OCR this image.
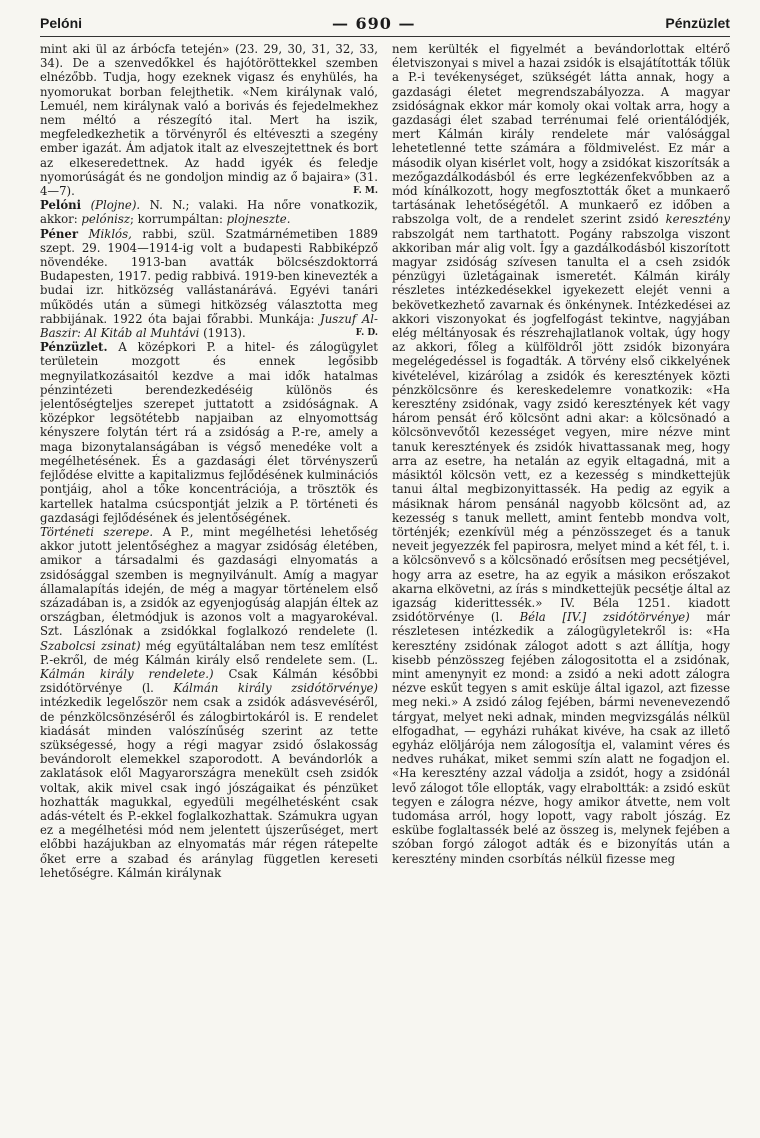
Pelóni	— 690 —	Pénzüzlet

mint aki ül az árbócfa tetején» (23. 29, 30, 31, 32, 33, 34). De a szenvedőkkel és hajótöröttekkel szemben elnézőbb. Tudja, hogy ezeknek vigasz és enyhülés, ha nyomorukat borban felejthetik. «Nem királynak való, Lemuél, nem királynak való a borivás és fejedelmekhez nem méltó a részegító ital. Mert ha iszik, megfeledkezhetik a törvényről és eltéveszti a szegény ember igazát. Ám adjatok italt az elveszejtettnek és bort az elkeseredettnek. Az hadd igyék és feledje nyomorúságát és ne gondoljon mindig az ő bajaira» (31. 4—7).	F. M.

Pelóni (Plojne). N. N.; valaki. Ha nőre vonatkozik, akkor: pelónisz; korrumpáltan: plojneszte.

Péner Miklós, rabbi, szül. Szatmárnémetiben 1889 szept. 29. 1904—1914-ig volt a budapesti Rabbiképző növendéke. 1913-ban avatták bölcsészdoktorrá Budapesten, 1917. pedig rabbivá. 1919-ben kinevezték a budai izr. hitközség vallástanárává. Egyévi tanári működés után a sümegi hitközség választotta meg rabbijának. 1922 óta bajai főrabbi. Munkája: Juszuf Al-Baszir: Al Kitáb al Muhtávi (1913).	F. D.

Pénzüzlet. A középkori P. a hitel- és zálogügylet területein mozgott és ennek legősibb megnyilatkozásaitól kezdve a mai idők hatalmas pénzintézeti berendezkedéséig különös és jelentőségteljes szerepet juttatott a zsidóságnak. A középkor legsötétebb napjaiban az elnyomottság kényszere folytán tért rá a zsidóság a P.-re, amely a maga bizonytalanságában is végső menedéke volt a megélhetésének. És a gazdasági élet törvényszerű fejlődése elvitte a kapitalizmus fejlődésének kulminációs pontjáig, ahol a tőke koncentrációja, a trösztök és kartellek hatalma csúcspontját jelzik a P. történeti és gazdasági fejlődésének és jelentőségének.

Történeti szerepe. A P., mint megélhetési lehetőség akkor jutott jelentőséghez a magyar zsidóság életében, amikor a társadalmi és gazdasági elnyomatás a zsidósággal szemben is megnyilvánult. Amíg a magyar államalapítás idején, de még a magyar történelem első századában is, a zsidók az egyenjogúság alapján éltek az országban, életmódjuk is azonos volt a magyarokéval. Szt. Lászlónak a zsidókkal foglalkozó rendelete (l. Szabolcsi zsinat) még együtáltalában nem tesz említést P.-ekről, de még Kálmán király első rendelete sem. (L. Kálmán király rendelete.) Csak Kálmán későbbi zsidótörvénye (l. Kálmán király zsidótörvénye) intézkedik legelőször nem csak a zsidók adásvevéséről, de pénzkölcsönzéséről és zálogbirtokáról is. E rendelet kiadását minden valószínűség szerint az tette szükségessé, hogy a régi magyar zsidó őslakosság bevándorolt elemekkel szaporodott. A bevándorlók a zaklatások elől Magyarországra menekült cseh zsidók voltak, akik mivel csak ingó jószágaikat és pénzüket hozhatták magukkal, egyedüli megélhetésként csak adás-vételt és P.-ekkel foglalkozhattak. Számukra ugyan ez a megélhetési mód nem jelentett újszerűséget, mert előbbi hazájukban az elnyomatás már régen rátерelte őket erre a szabad és aránylag független kereseti lehetőségre. Kálmán királynak

nem kerülték el figyelmét a bevándorlottak eltérő életviszonyai s mivel a hazai zsidók is elsajátították tőlük a P.-i tevékenységet, szükségét látta annak, hogy a gazdasági életet megrendszabályozza. A magyar zsidóságnak ekkor már komoly okai voltak arra, hogy a gazdasági élet szabad terrénumai felé orientálódjék, mert Kálmán király rendelete már valósággal lehetetlenné tette számára a földmivelést. Ez már a második olyan kisérlet volt, hogy a zsidókat kiszorítsák a mezőgazdálkodásból és erre legkézenfekvőbben az a mód kínálkozott, hogy megfosztották őket a munkaerő tartásának lehetőségétől. A munkaerő ez időben a rabszolga volt, de a rendelet szerint zsidó keresztény rabszolgát nem tarthatott. Pogány rabszolga viszont akkoriban már alig volt. Így a gazdálkodásból kiszorított magyar zsidóság szívesen tanulta el a cseh zsidók pénzügyi üzletágainak ismeretét. Kálmán király részletes intézkedésekkel igyekezett elejét venni a bekövetkezhető zavarnak és önkénynek. Intézkedései az akkori viszonyokat és jogfelfogást tekintve, nagyjában elég méltányosak és részrehajlatlanok voltak, úgy hogy az akkori, főleg a külföldről jött zsidók bizonyára megelégedéssel is fogadták. A törvény első cikkelyének kivételével, kizárólag a zsidók és keresztények közti pénzkölcsönre és kereskedelemre vonatkozik: «Ha keresztény zsidónak, vagy zsidó keresztények két vagy három pensát érő kölcsönt adni akar: a kölcsönadó a kölcsönvevőtől kezességet vegyen, mire nézve mint tanuk keresztények és zsidók hivattassanak meg, hogy arra az esetre, ha netalán az egyik eltagadná, mit a másiktól kölcsön vett, ez a kezesség s mindkettejük tanui által megbizonyittassék. Ha pedig az egyik a másiknak három pensánál nagyobb kölcsönt ad, az kezesség s tanuk mellett, amint fentebb mondva volt, történjék; ezenkívül még a pénzösszeget és a tanuk neveit jegyezzék fel papirosra, melyet mind a két fél, t. i. a kölcsönvevő s a kölcsönadó erősítsen meg pecsétjével, hogy arra az esetre, ha az egyik a másikon erőszakot akarna elkövetni, az írás s mindkettejük pecsétje által az igazság kiderittessék.» IV. Béla 1251. kiadott zsidótörvénye (l. Béla [IV.] zsidótörvénye) már részletesen intézkedik a zálogügyletekről is: «Ha keresztény zsidónak zálogot adott s azt állítja, hogy kisebb pénzösszeg fejében zálogositotta el a zsidónak, mint amenynyit ez mond: a zsidó a neki adott zálogra nézve eskűt tegyen s amit esküje által igazol, azt fizesse meg neki.» A zsidó zálog fejében, bármi nevenevezendő tárgyat, melyet neki adnak, minden megvizsgálás nélkül elfogadhat, — egyházi ruhákat kivéve, ha csak az illető egyház elöljárója nem zálogosítja el, valamint véres és nedves ruhákat, miket semmi szín alatt ne fogadjon el. «Ha keresztény azzal vádolja a zsidót, hogy a zsidónál levő zálogot tőle ellopták, vagy elraboltták: a zsidó esküt tegyen e zálogra nézve, hogy amikor átvette, nem volt tudomása arról, hogy lopott, vagy rabolt jószág. Ez eskübe foglaltassék belé az összeg is, melynek fejében a szóban forgó zálogot adták és e bizonyítás után a keresztény minden csorbítás nélkül fizesse meg
